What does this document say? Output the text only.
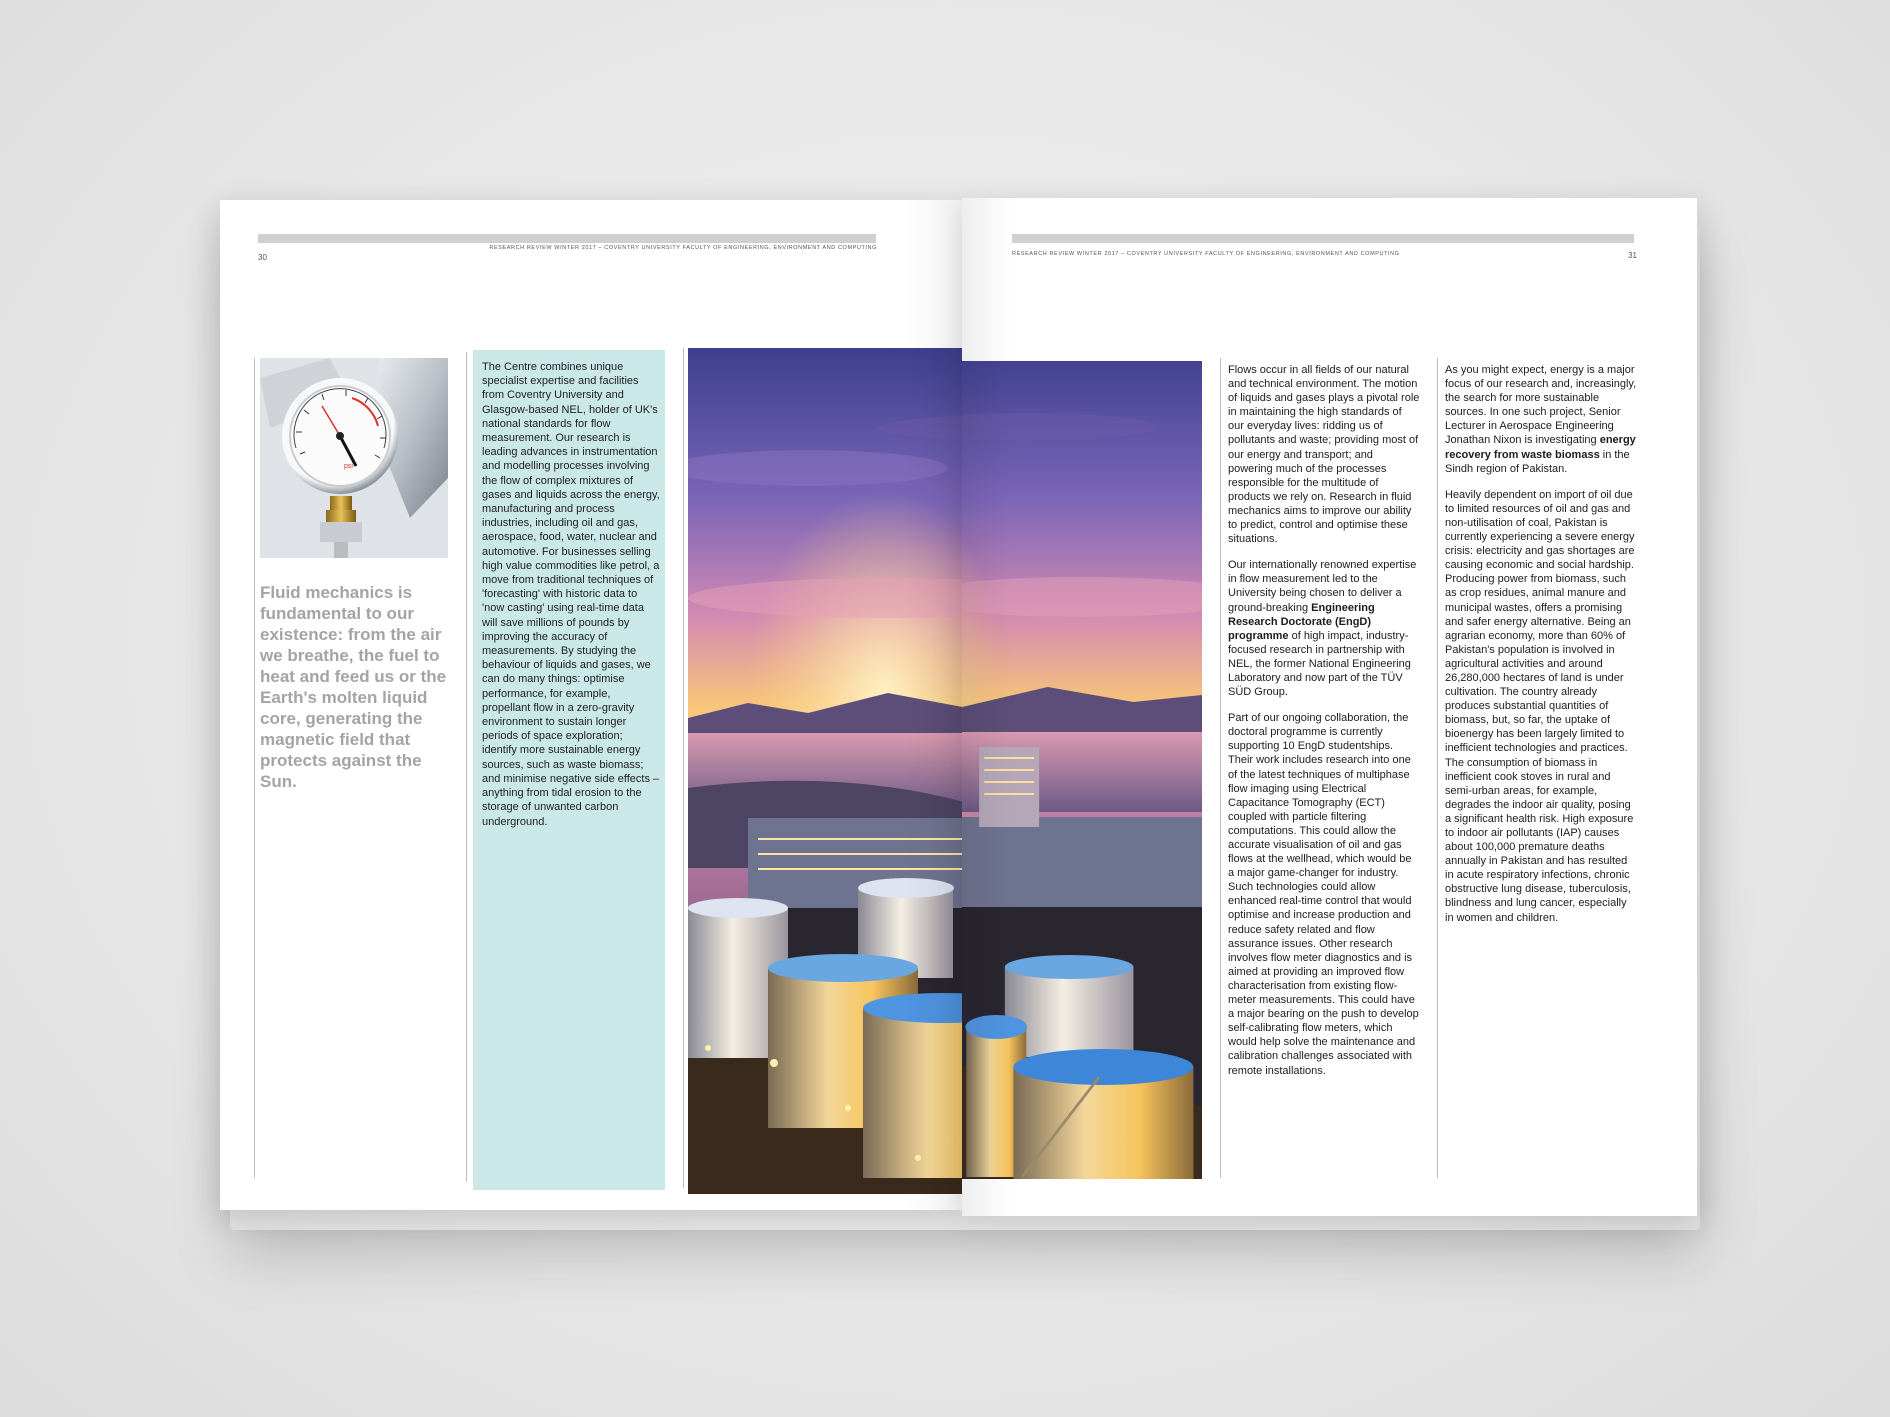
RESEARCH REVIEW WINTER 2017 – COVENTRY UNIVERSITY FACULTY OF ENGINEERING, ENVIRONMENT AND COMPUTING
30
psi
Fluid mechanics is fundamental to our existence: from the air we breathe, the fuel to heat and feed us or the Earth's molten liquid core, generating the magnetic field that protects against the Sun.
The Centre combines unique specialist expertise and facilities from Coventry University and Glasgow-based NEL, holder of UK's national standards for flow measurement. Our research is leading advances in instrumentation and modelling processes involving the flow of complex mixtures of gases and liquids across the energy, manufacturing and process industries, including oil and gas, aerospace, food, water, nuclear and automotive. For businesses selling high value commodities like petrol, a move from traditional techniques of 'forecasting' with historic data to 'now casting' using real-time data will save millions of pounds by improving the accuracy of measurements. By studying the behaviour of liquids and gases, we can do many things: optimise performance, for example, propellant flow in a zero-gravity environment to sustain longer periods of space exploration; identify more sustainable energy sources, such as waste biomass; and minimise negative side effects – anything from tidal erosion to the storage of unwanted carbon underground.
RESEARCH REVIEW WINTER 2017 – COVENTRY UNIVERSITY FACULTY OF ENGINEERING, ENVIRONMENT AND COMPUTING	31

Flows occur in all fields of our natural and technical environment. The motion of liquids and gases plays a pivotal role in maintaining the high standards of our everyday lives: ridding us of pollutants and waste; providing most of our energy and transport; and powering much of the processes responsible for the multitude of products we rely on. Research in fluid mechanics aims to improve our ability to predict, control and optimise these situations.

Our internationally renowned expertise in flow measurement led to the University being chosen to deliver a ground-breaking Engineering Research Doctorate (EngD) programme of high impact, industry-focused research in partnership with NEL, the former National Engineering Laboratory and now part of the TÜV SÜD Group.

Part of our ongoing collaboration, the doctoral programme is currently supporting 10 EngD studentships. Their work includes research into one of the latest techniques of multiphase flow imaging using Electrical Capacitance Tomography (ECT) coupled with particle filtering computations. This could allow the accurate visualisation of oil and gas flows at the wellhead, which would be a major game-changer for industry. Such technologies could allow enhanced real-time control that would optimise and increase production and reduce safety related and flow assurance issues. Other research involves flow meter diagnostics and is aimed at providing an improved flow characterisation from existing flow-meter measurements. This could have a major bearing on the push to develop self-calibrating flow meters, which would help solve the maintenance and calibration challenges associated with remote installations.

As you might expect, energy is a major focus of our research and, increasingly, the search for more sustainable sources. In one such project, Senior Lecturer in Aerospace Engineering Jonathan Nixon is investigating energy recovery from waste biomass in the Sindh region of Pakistan.

Heavily dependent on import of oil due to limited resources of oil and gas and non-utilisation of coal, Pakistan is currently experiencing a severe energy crisis: electricity and gas shortages are causing economic and social hardship. Producing power from biomass, such as crop residues, animal manure and municipal wastes, offers a promising and safer energy alternative. Being an agrarian economy, more than 60% of Pakistan's population is involved in agricultural activities and around 26,280,000 hectares of land is under cultivation. The country already produces substantial quantities of biomass, but, so far, the uptake of bioenergy has been largely limited to inefficient technologies and practices. The consumption of biomass in inefficient cook stoves in rural and semi-urban areas, for example, degrades the indoor air quality, posing a significant health risk. High exposure to indoor air pollutants (IAP) causes about 100,000 premature deaths annually in Pakistan and has resulted in acute respiratory infections, chronic obstructive lung disease, tuberculosis, blindness and lung cancer, especially in women and children.
